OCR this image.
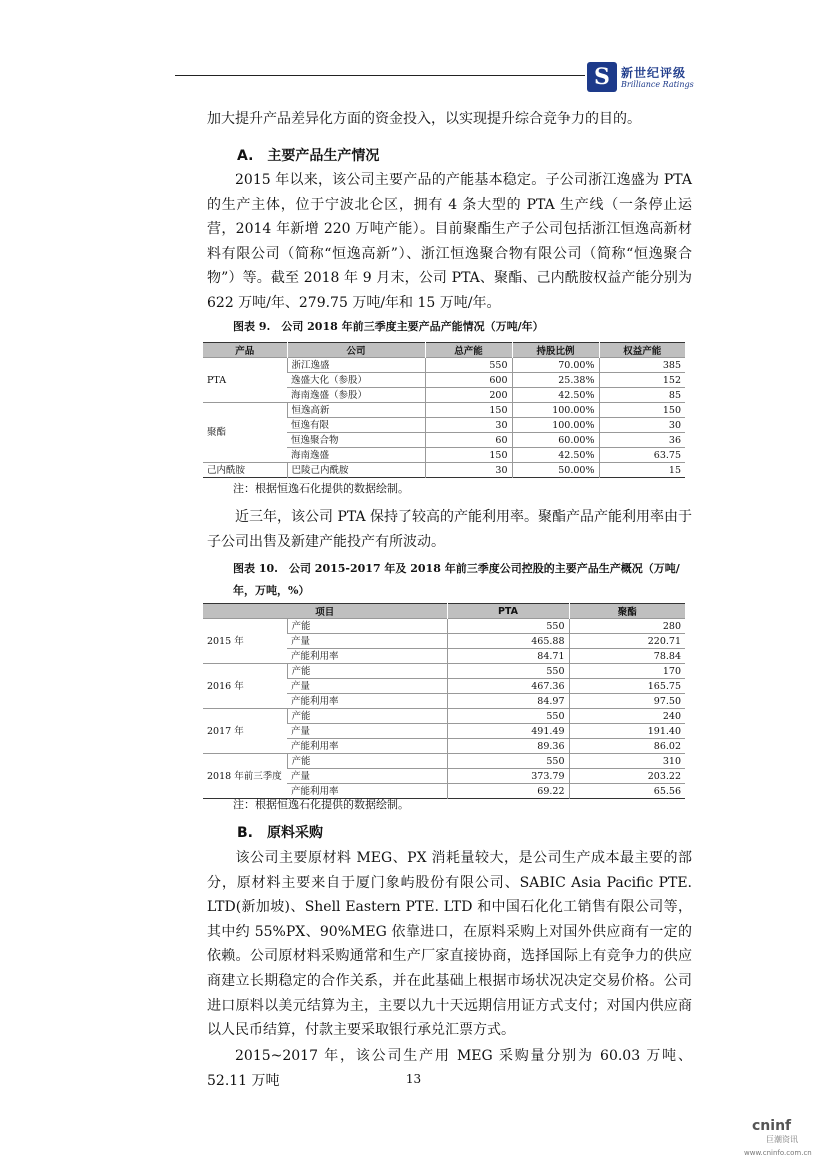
S 新世纪评级
Brilliance Ratings

加大提升产品差异化方面的资金投入，以实现提升综合竞争力的目的。

A.　主要产品生产情况

2015 年以来，该公司主要产品的产能基本稳定。子公司浙江逸盛为 PTA 的生产主体，位于宁波北仑区，拥有 4 条大型的 PTA 生产线（一条停止运营，2014 年新增 220 万吨产能）。目前聚酯生产子公司包括浙江恒逸高新材料有限公司（简称“恒逸高新”）、浙江恒逸聚合物有限公司（简称“恒逸聚合物”）等。截至 2018 年 9 月末，公司 PTA、聚酯、己内酰胺权益产能分别为 622 万吨/年、279.75 万吨/年和 15 万吨/年。

图表 9.　公司 2018 年前三季度主要产品产能情况（万吨/年）

产品	公司	总产能	持股比例	权益产能
PTA	浙江逸盛	550	70.00%	385
	逸盛大化（参股）	600	25.38%	152
	海南逸盛（参股）	200	42.50%	85
聚酯	恒逸高新	150	100.00%	150
	恒逸有限	30	100.00%	30
	恒逸聚合物	60	60.00%	36
	海南逸盛	150	42.50%	63.75
己内酰胺	巴陵己内酰胺	30	50.00%	15

注：根据恒逸石化提供的数据绘制。

近三年，该公司 PTA 保持了较高的产能利用率。聚酯产品产能利用率由于子公司出售及新建产能投产有所波动。

图表 10.　公司 2015-2017 年及 2018 年前三季度公司控股的主要产品生产概况（万吨/年，万吨，%）

项目		PTA	聚酯
2015 年	产能	550	280
	产量	465.88	220.71
	产能利用率	84.71	78.84
2016 年	产能	550	170
	产量	467.36	165.75
	产能利用率	84.97	97.50
2017 年	产能	550	240
	产量	491.49	191.40
	产能利用率	89.36	86.02
2018 年前三季度	产能	550	310
	产量	373.79	203.22
	产能利用率	69.22	65.56

注：根据恒逸石化提供的数据绘制。

B.　原料采购

该公司主要原材料 MEG、PX 消耗量较大，是公司生产成本最主要的部分，原材料主要来自于厦门象屿股份有限公司、SABIC Asia Pacific PTE. LTD(新加坡)、Shell Eastern PTE. LTD 和中国石化化工销售有限公司等，其中约 55%PX、90%MEG 依靠进口，在原料采购上对国外供应商有一定的依赖。公司原材料采购通常和生产厂家直接协商，选择国际上有竞争力的供应商建立长期稳定的合作关系，并在此基础上根据市场状况决定交易价格。公司进口原料以美元结算为主，主要以九十天远期信用证方式支付；对国内供应商以人民币结算，付款主要采取银行承兑汇票方式。

2015~2017 年，该公司生产用 MEG 采购量分别为 60.03 万吨、52.11 万吨	13
cninf
巨潮资讯
www.cninfo.com.cn
